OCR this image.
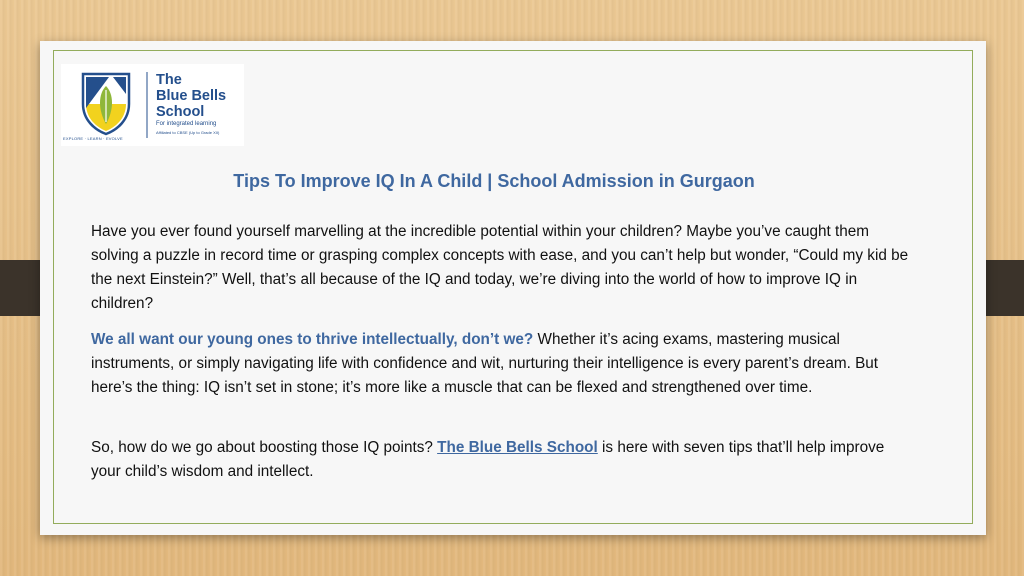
The
Blue Bells
School
For integrated learning
Affiliated to CBSE (Up to Grade XII)
EXPLORE · LEARN · EVOLVE
Tips To Improve IQ In A Child | School Admission in Gurgaon

Have you ever found yourself marvelling at the incredible potential within your children? Maybe you’ve caught them solving a puzzle in record time or grasping complex concepts with ease, and you can’t help but wonder, “Could my kid be the next Einstein?” Well, that’s all because of the IQ and today, we’re diving into the world of how to improve IQ in children?

We all want our young ones to thrive intellectually, don’t we? Whether it’s acing exams, mastering musical instruments, or simply navigating life with confidence and wit, nurturing their intelligence is every parent’s dream. But here’s the thing: IQ isn’t set in stone; it’s more like a muscle that can be flexed and strengthened over time.

So, how do we go about boosting those IQ points? The Blue Bells School is here with seven tips that’ll help improve your child’s wisdom and intellect.
